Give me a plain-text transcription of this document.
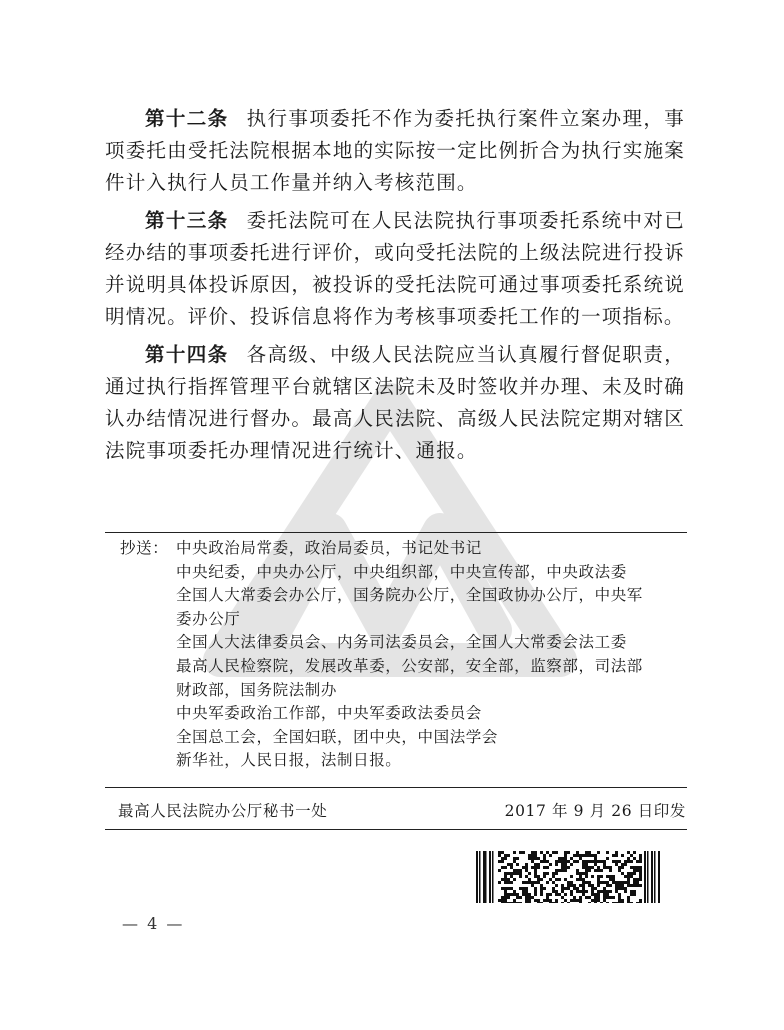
第十二条 执行事项委托不作为委托执行案件立案办理，事项委托由受托法院根据本地的实际按一定比例折合为执行实施案件计入执行人员工作量并纳入考核范围。

第十三条 委托法院可在人民法院执行事项委托系统中对已经办结的事项委托进行评价，或向受托法院的上级法院进行投诉并说明具体投诉原因，被投诉的受托法院可通过事项委托系统说明情况。评价、投诉信息将作为考核事项委托工作的一项指标。

第十四条 各高级、中级人民法院应当认真履行督促职责，通过执行指挥管理平台就辖区法院未及时签收并办理、未及时确认办结情况进行督办。最高人民法院、高级人民法院定期对辖区法院事项委托办理情况进行统计、通报。

抄送： 中央政治局常委，政治局委员，书记处书记
中央纪委，中央办公厅，中央组织部，中央宣传部，中央政法委
全国人大常委会办公厅，国务院办公厅，全国政协办公厅，中央军
委办公厅
全国人大法律委员会、内务司法委员会，全国人大常委会法工委
最高人民检察院，发展改革委，公安部，安全部，监察部，司法部
财政部，国务院法制办
中央军委政治工作部，中央军委政法委员会
全国总工会，全国妇联，团中央，中国法学会
新华社，人民日报，法制日报。
最高人民法院办公厅秘书一处	2017 年 9 月 26 日印发
— 4 —
